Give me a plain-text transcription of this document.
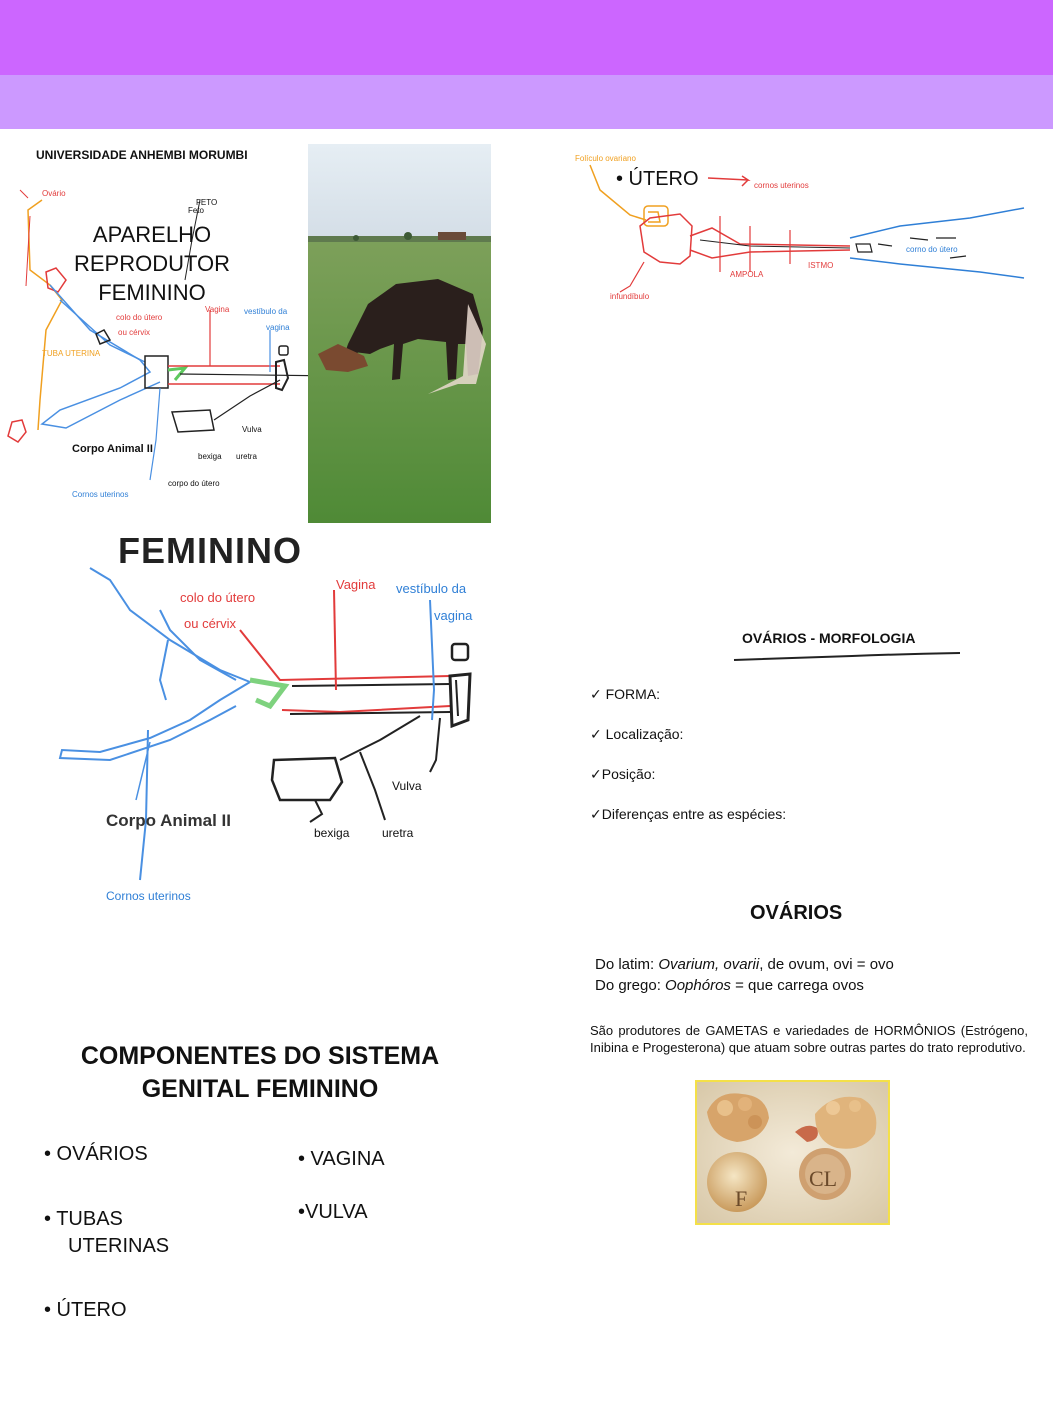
UNIVERSIDADE ANHEMBI MORUMBI
APARELHO
REPRODUTOR
FEMININO
Ovário
FETO
Feto
TUBA UTERINA
colo do útero
ou cérvix
Vagina vestíbulo da
vagina
Vulva
bexiga uretra
Corpo Animal II
Cornos uterinos
corpo do útero
FEMININO
colo do útero
ou cérvix
Vagina vestíbulo da
vagina
Vulva
bexiga	uretra
Corpo Animal II
Cornos uterinos
COMPONENTES DO SISTEMA
GENITAL FEMININO
• OVÁRIOS
• TUBAS
UTERINAS
• ÚTERO
• VAGINA
•VULVA
Folículo ovariano
• ÚTERO	cornos uterinos
corno do útero
AMPOLA
ISTMO
infundíbulo
OVÁRIOS - MORFOLOGIA
✓ FORMA:
✓ Localização:
✓Posição:
✓Diferenças entre as espécies:
OVÁRIOS
Do latim: Ovarium, ovarii, de ovum, ovi = ovo
Do grego: Oophóros = que carrega ovos
São produtores de GAMETAS e variedades de HORMÔNIOS (Estrógeno, Inibina e Progesterona) que atuam sobre outras partes do trato reprodutivo.
F
CL
